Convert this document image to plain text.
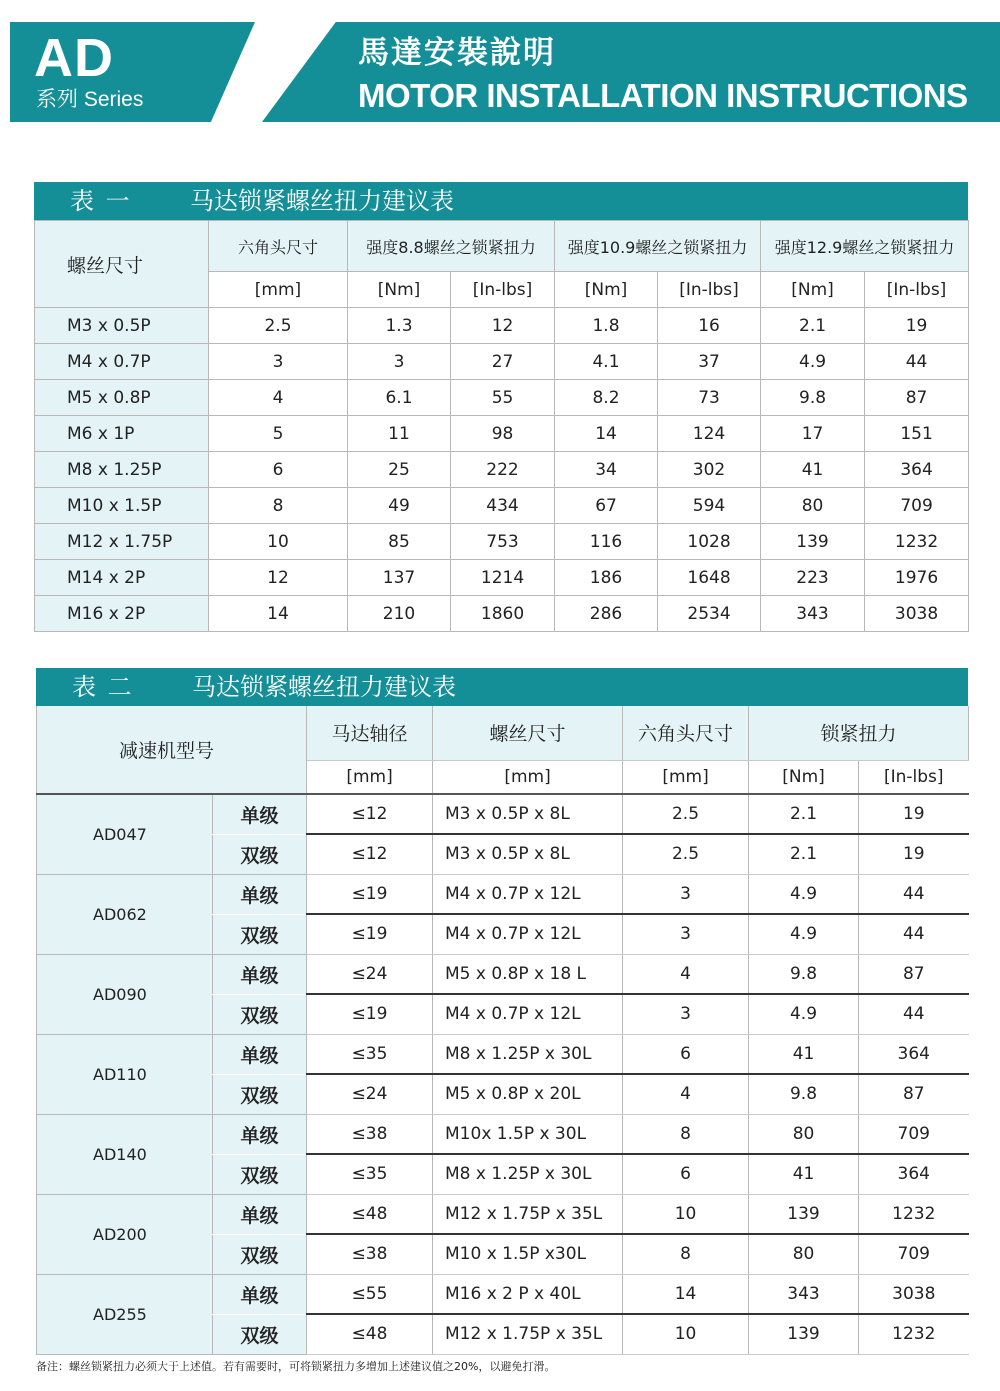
AD
系列 Series
馬達安裝說明
MOTOR INSTALLATION INSTRUCTIONS
表 一 马达锁紧螺丝扭力建议表
螺丝尺寸	六角头尺寸	强度8.8螺丝之锁紧扭力		强度10.9螺丝之锁紧扭力		强度12.9螺丝之锁紧扭力	
	[mm]	[Nm]	[In-lbs]	[Nm]	[In-lbs]	[Nm]	[In-lbs]
M3 x 0.5P	2.5	1.3	12	1.8	16	2.1	19
M4 x 0.7P	3	3	27	4.1	37	4.9	44
M5 x 0.8P	4	6.1	55	8.2	73	9.8	87
M6 x 1P	5	11	98	14	124	17	151
M8 x 1.25P	6	25	222	34	302	41	364
M10 x 1.5P	8	49	434	67	594	80	709
M12 x 1.75P	10	85	753	116	1028	139	1232
M14 x 2P	12	137	1214	186	1648	223	1976
M16 x 2P	14	210	1860	286	2534	343	3038
表 二 马达锁紧螺丝扭力建议表
减速机型号		马达轴径	螺丝尺寸	六角头尺寸	锁紧扭力	
		[mm]	[mm]	[mm]	[Nm]	[In-lbs]
AD047	单级	≤12	M3 x 0.5P x 8L	2.5	2.1	19
	双级	≤12	M3 x 0.5P x 8L	2.5	2.1	19
AD062	单级	≤19	M4 x 0.7P x 12L	3	4.9	44
	双级	≤19	M4 x 0.7P x 12L	3	4.9	44
AD090	单级	≤24	M5 x 0.8P x 18 L	4	9.8	87
	双级	≤19	M4 x 0.7P x 12L	3	4.9	44
AD110	单级	≤35	M8 x 1.25P x 30L	6	41	364
	双级	≤24	M5 x 0.8P x 20L	4	9.8	87
AD140	单级	≤38	M10x 1.5P x 30L	8	80	709
	双级	≤35	M8 x 1.25P x 30L	6	41	364
AD200	单级	≤48	M12 x 1.75P x 35L	10	139	1232
	双级	≤38	M10 x 1.5P x30L	8	80	709
AD255	单级	≤55	M16 x 2 P x 40L	14	343	3038
	双级	≤48	M12 x 1.75P x 35L	10	139	1232
备注：螺丝锁紧扭力必须大于上述值。若有需要时，可将锁紧扭力多增加上述建议值之20%，以避免打滑。
